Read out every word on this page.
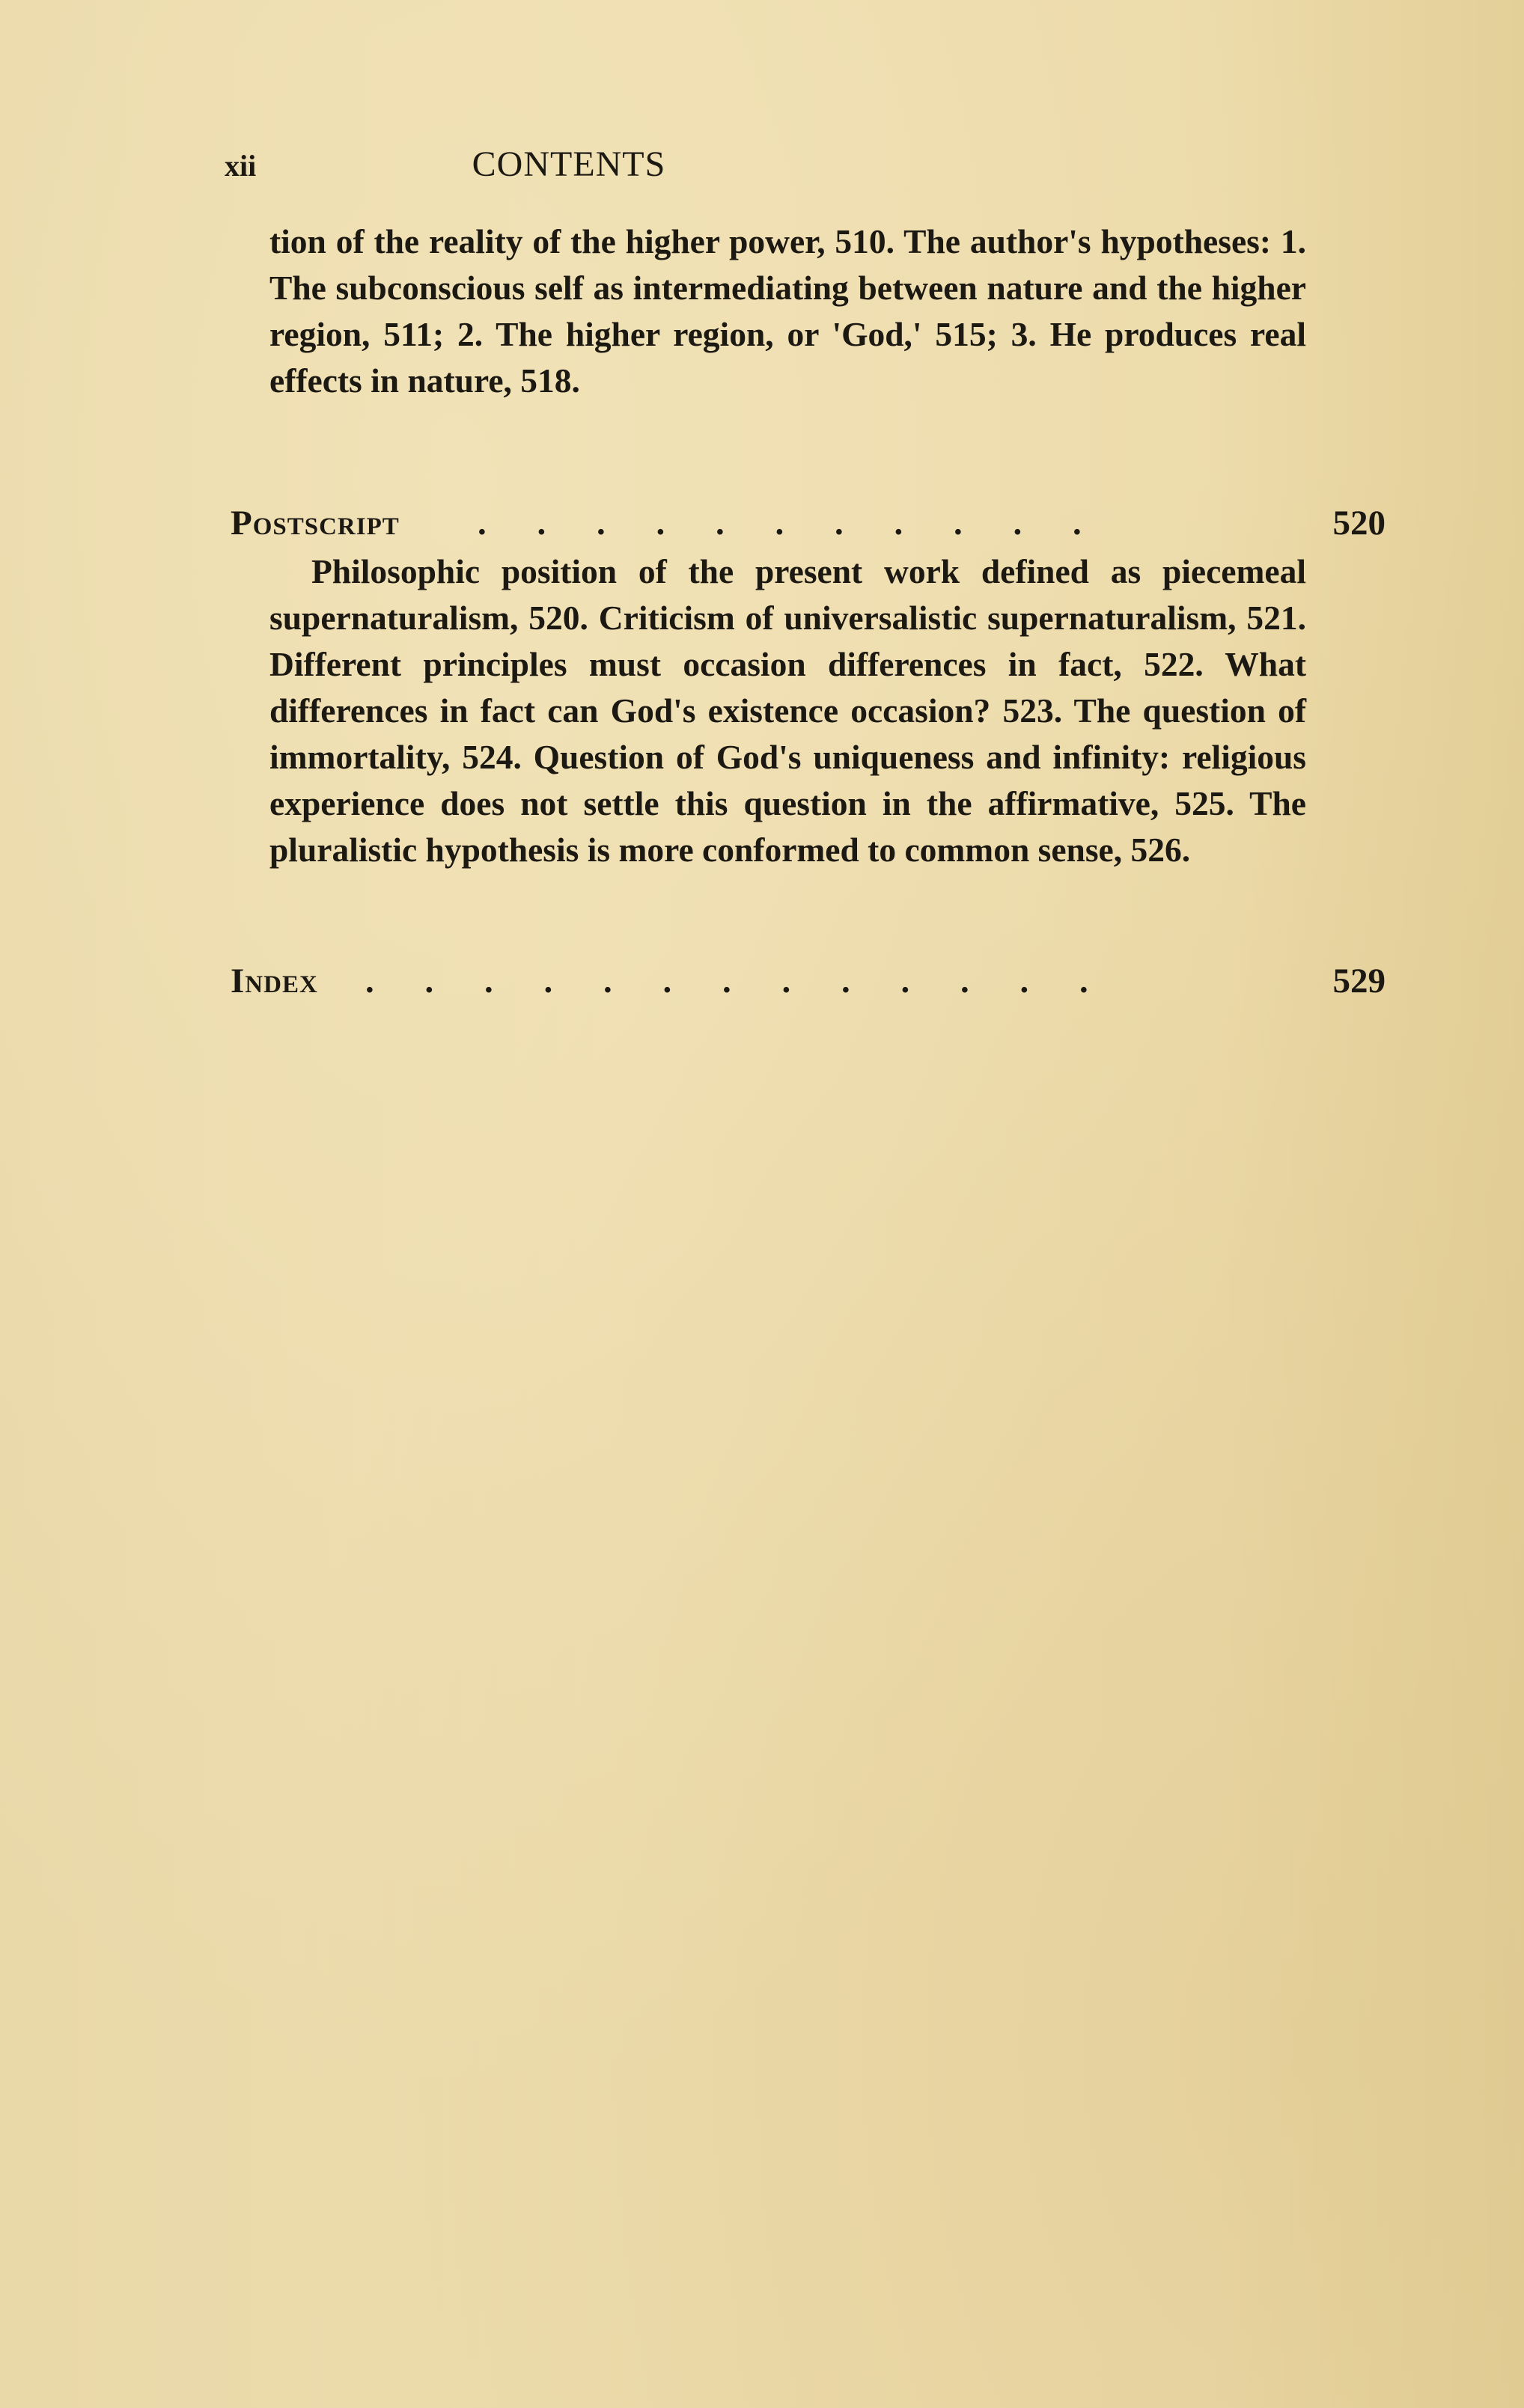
xii	CONTENTS

tion of the reality of the higher power, 510. The author's hypotheses: 1. The subconscious self as intermediating between nature and the higher region, 511; 2. The higher region, or 'God,' 515; 3. He produces real effects in nature, 518.

Postscript . . . . . . . . . . .	520

Philosophic position of the present work defined as piecemeal supernaturalism, 520. Criticism of universalistic supernaturalism, 521. Different principles must occasion differences in fact, 522. What differences in fact can God's existence occasion? 523. The question of immortality, 524. Question of God's uniqueness and infinity: religious experience does not settle this question in the affirmative, 525. The pluralistic hypothesis is more conformed to common sense, 526.

Index . . . . . . . . . . . . .	529
